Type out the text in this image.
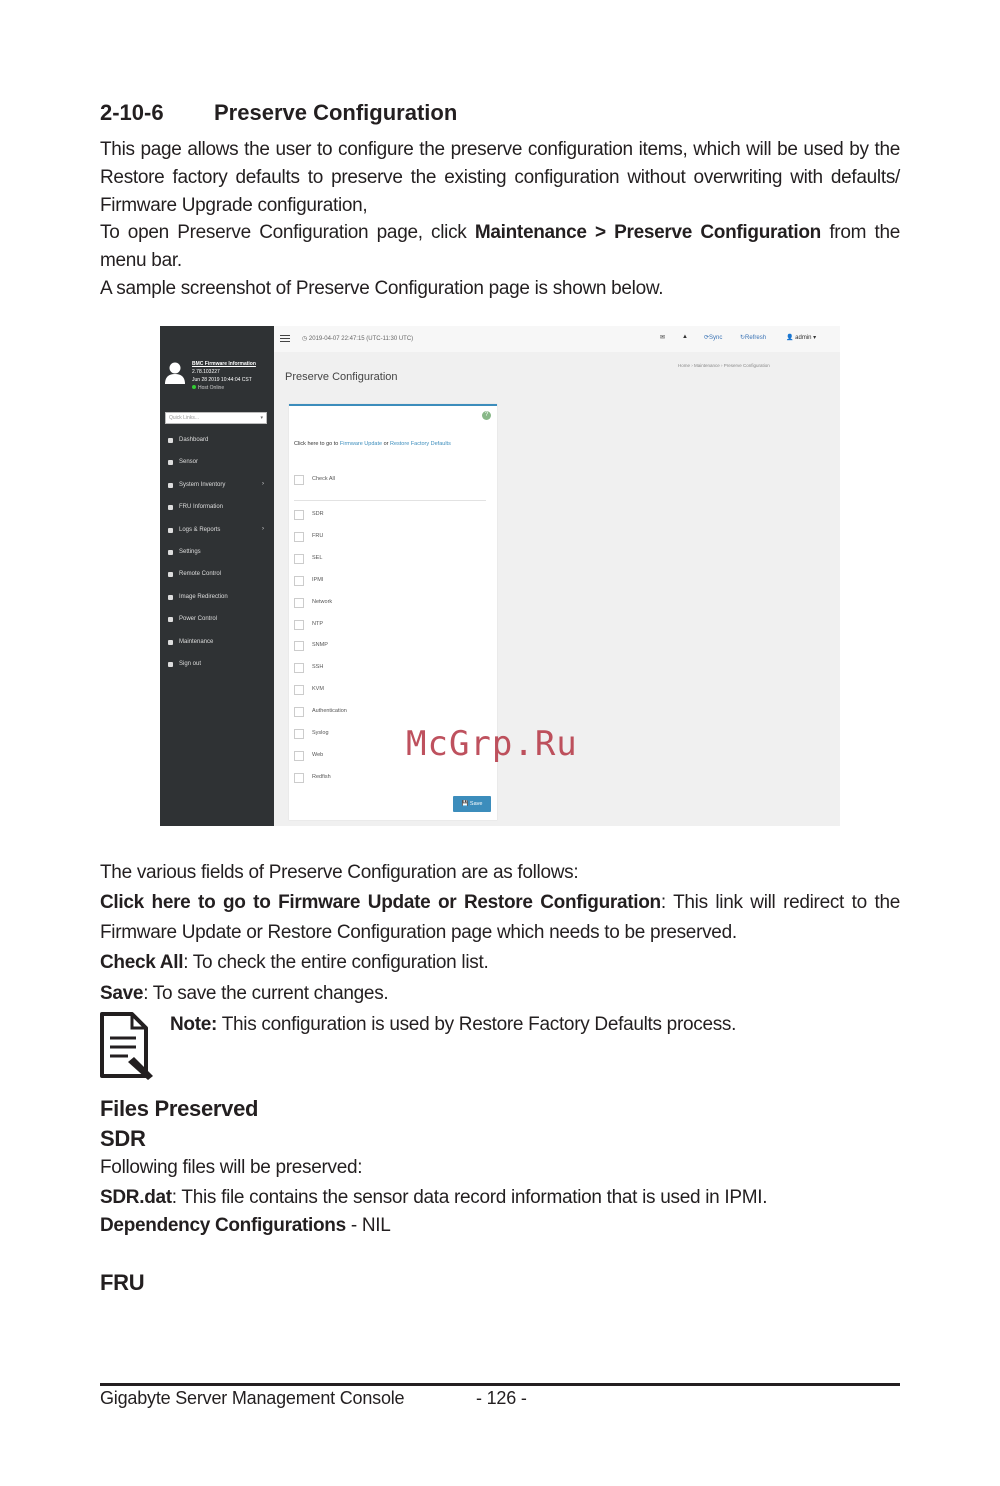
2-10-6 Preserve Configuration
This page allows the user to configure the preserve configuration items, which will be used by the Restore factory defaults to preserve the existing configuration without overwriting with defaults/ Firmware Upgrade configuration,
To open Preserve Configuration page, click Maintenance > Preserve Configuration from the menu bar.
A sample screenshot of Preserve Configuration page is shown below.
BMC Firmware Information
2.78.103227
Jun 28 2019 10:44:04 CST
Host Online
Quick Links...	▾
Dashboard
Sensor
System Inventory	›
FRU Information
Logs & Reports	›
Settings
Remote Control
Image Redirection
Power Control
Maintenance
Sign out
◷ 2019-04-07 22:47:15 (UTC-11:30 UTC)	✉	▲	⟳Sync	↻Refresh	👤 admin ▾
Preserve Configuration
Home › Maintenance › Preserve Configuration
?
Click here to go to Firmware Update or Restore Factory Defaults
Check All
SDR
FRU
SEL
IPMI
Network
NTP
SNMP
SSH
KVM
Authentication
Syslog
Web
Redfish
💾 Save
McGrp.Ru
The various fields of Preserve Configuration are as follows:
Click here to go to Firmware Update or Restore Configuration: This link will redirect to the
Firmware Update or Restore Configuration page which needs to be preserved.
Check All: To check the entire configuration list.
Save: To save the current changes.
Note: This configuration is used by Restore Factory Defaults process.
Files Preserved
SDR
Following files will be preserved:
SDR.dat: This file contains the sensor data record information that is used in IPMI.
Dependency Configurations - NIL
FRU
Gigabyte Server Management Console	- 126 -
